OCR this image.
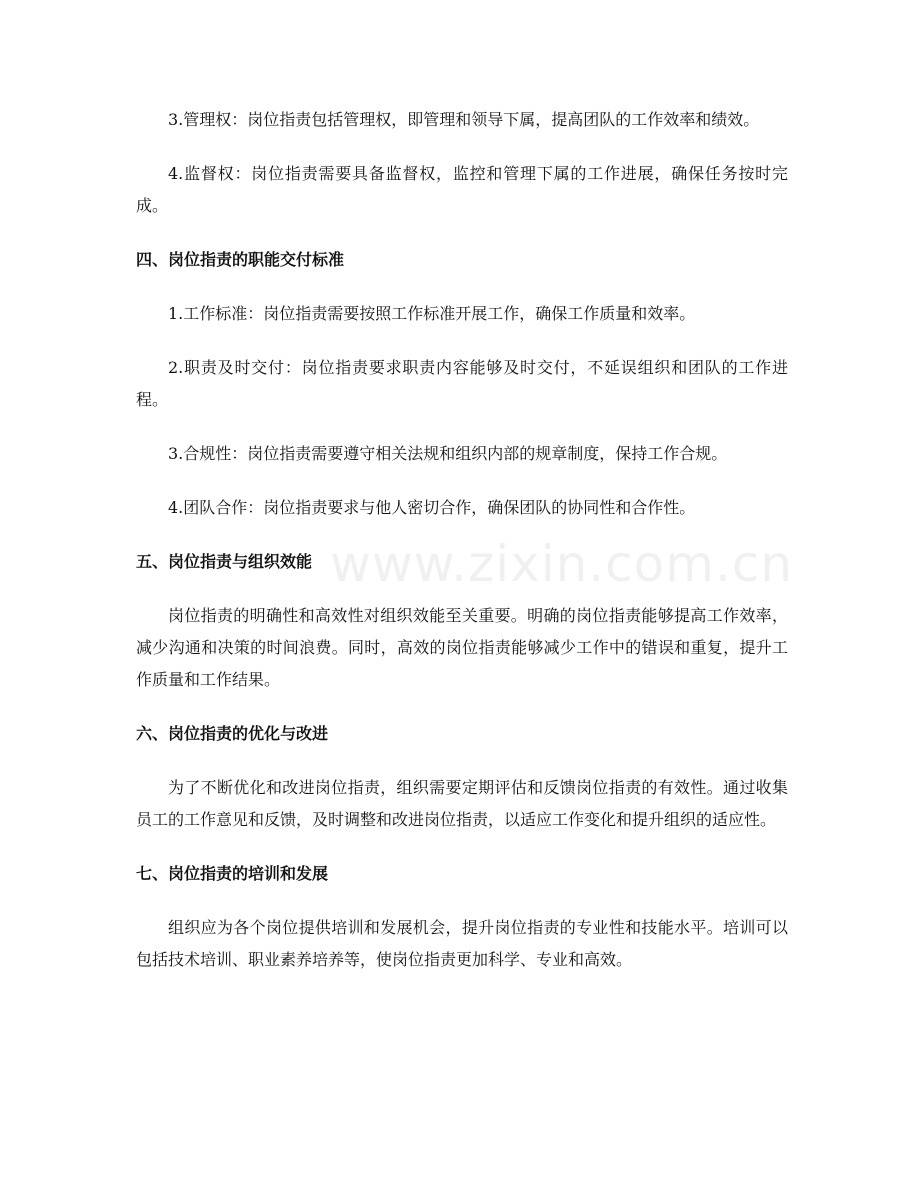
3.管理权：岗位指责包括管理权，即管理和领导下属，提高团队的工作效率和绩效。

4.监督权：岗位指责需要具备监督权，监控和管理下属的工作进展，确保任务按时完成。

四、岗位指责的职能交付标准

1.工作标准：岗位指责需要按照工作标准开展工作，确保工作质量和效率。

2.职责及时交付：岗位指责要求职责内容能够及时交付，不延误组织和团队的工作进程。

3.合规性：岗位指责需要遵守相关法规和组织内部的规章制度，保持工作合规。

4.团队合作：岗位指责要求与他人密切合作，确保团队的协同性和合作性。

五、岗位指责与组织效能

岗位指责的明确性和高效性对组织效能至关重要。明确的岗位指责能够提高工作效率，减少沟通和决策的时间浪费。同时，高效的岗位指责能够减少工作中的错误和重复，提升工作质量和工作结果。

六、岗位指责的优化与改进

为了不断优化和改进岗位指责，组织需要定期评估和反馈岗位指责的有效性。通过收集员工的工作意见和反馈，及时调整和改进岗位指责，以适应工作变化和提升组织的适应性。

七、岗位指责的培训和发展

组织应为各个岗位提供培训和发展机会，提升岗位指责的专业性和技能水平。培训可以包括技术培训、职业素养培养等，使岗位指责更加科学、专业和高效。

www.zixin.com.cn
